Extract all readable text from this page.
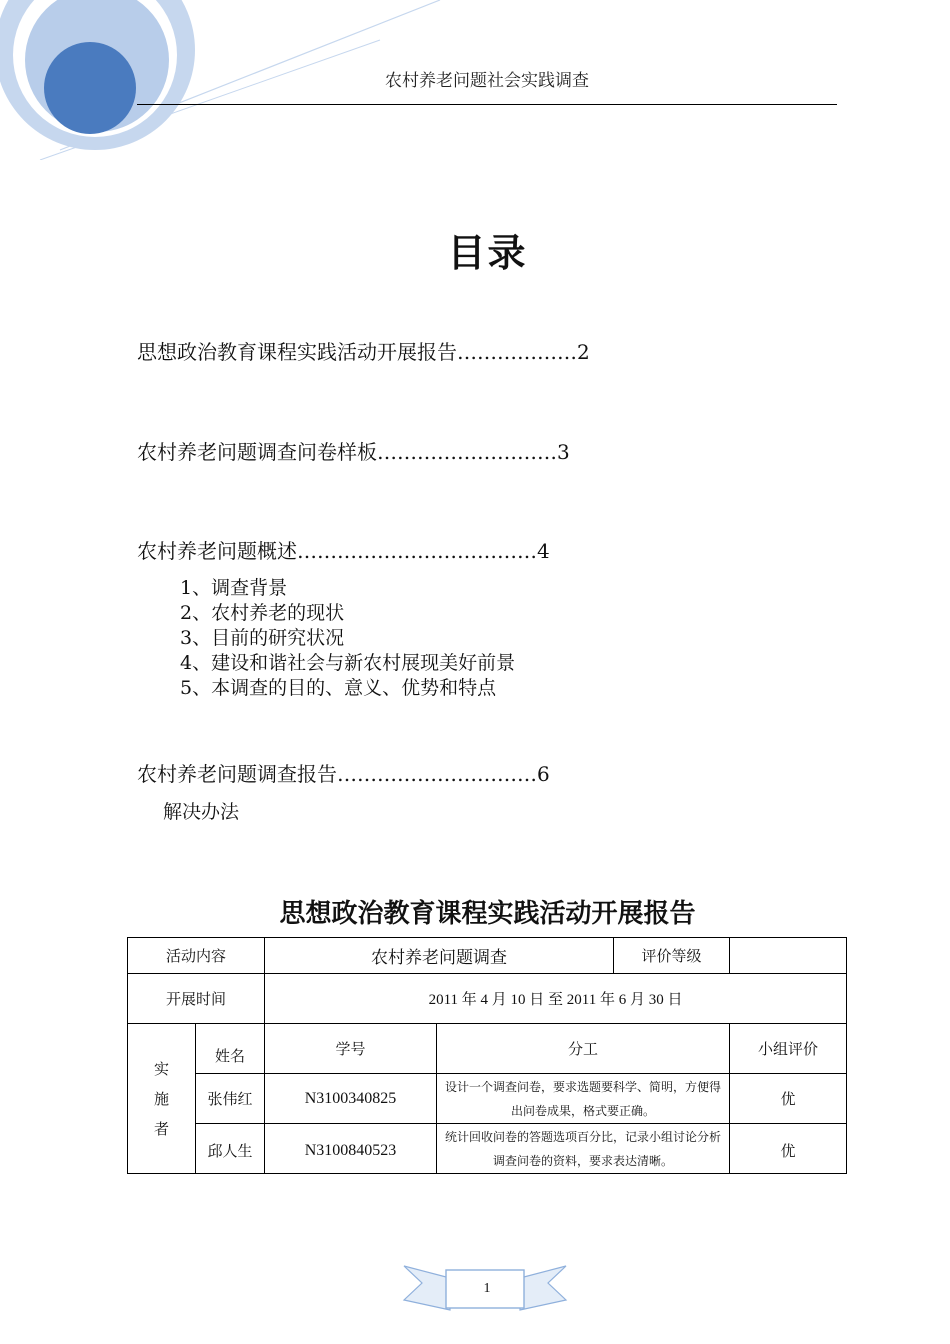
农村养老问题社会实践调查
目录
思想政治教育课程实践活动开展报告………………2
农村养老问题调查问卷样板………………………3
农村养老问题概述………………………………4
1、调查背景
2、农村养老的现状
3、目前的研究状况
4、建设和谐社会与新农村展现美好前景
5、本调查的目的、意义、优势和特点
农村养老问题调查报告…………………………6
解决办法
思想政治教育课程实践活动开展报告
活动内容		农村养老问题调查		评价等级	
开展时间		2011 年 4 月 10 日 至 2011 年 6 月 30 日			

实
施
者	姓名	学号	分工		小组评价
	张伟红	N3100340825	设计一个调查问卷，要求选题要科学、简明，方便得出问卷成果，格式要正确。		优
	邱人生	N3100840523	统计回收问卷的答题选项百分比，记录小组讨论分析调查问卷的资料，要求表达清晰。		优
1
